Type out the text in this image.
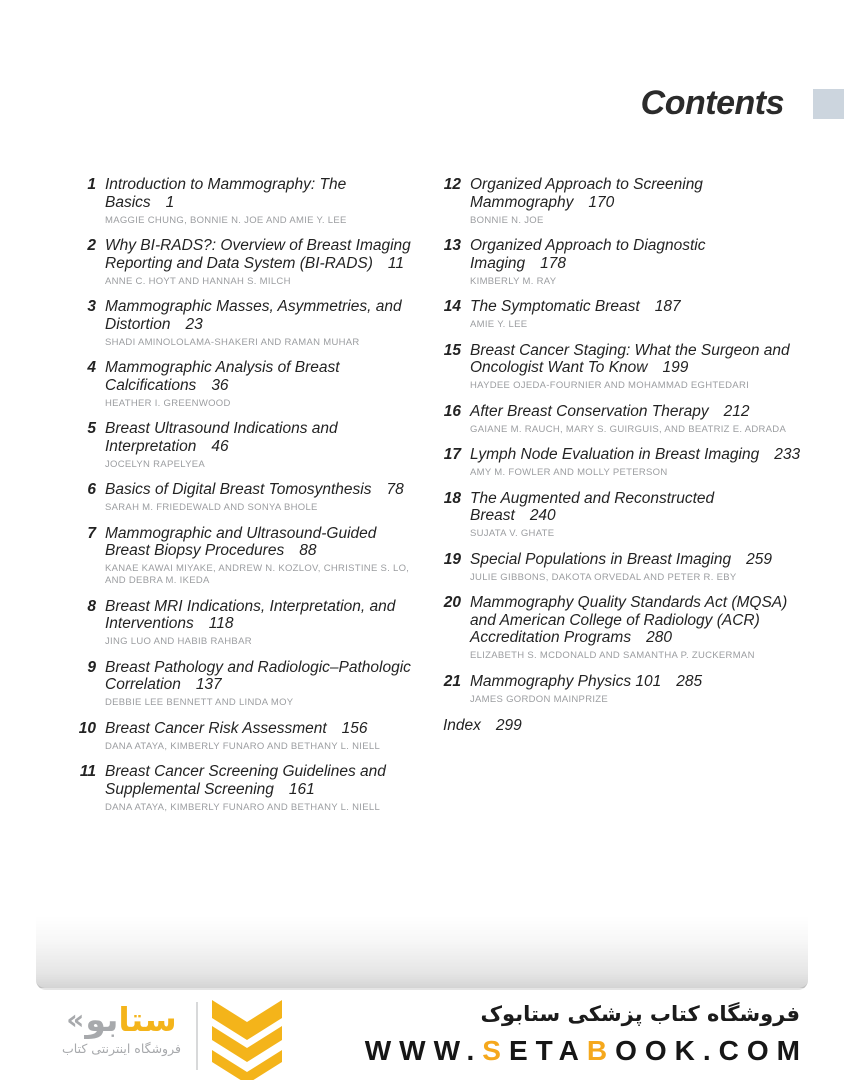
Contents
1 Introduction to Mammography: The Basics 1
MAGGIE CHUNG, BONNIE N. JOE AND AMIE Y. LEE
2 Why BI-RADS?: Overview of Breast Imaging Reporting and Data System (BI-RADS) 11
ANNE C. HOYT AND HANNAH S. MILCH
3 Mammographic Masses, Asymmetries, and Distortion 23
SHADI AMINOLOLAMA-SHAKERI AND RAMAN MUHAR
4 Mammographic Analysis of Breast Calcifications 36
HEATHER I. GREENWOOD
5 Breast Ultrasound Indications and Interpretation 46
JOCELYN RAPELYEA
6 Basics of Digital Breast Tomosynthesis 78
SARAH M. FRIEDEWALD AND SONYA BHOLE
7 Mammographic and Ultrasound-Guided Breast Biopsy Procedures 88
KANAE KAWAI MIYAKE, ANDREW N. KOZLOV, CHRISTINE S. LO, AND DEBRA M. IKEDA
8 Breast MRI Indications, Interpretation, and Interventions 118
JING LUO AND HABIB RAHBAR
9 Breast Pathology and Radiologic–Pathologic Correlation 137
DEBBIE LEE BENNETT AND LINDA MOY
10 Breast Cancer Risk Assessment 156
DANA ATAYA, KIMBERLY FUNARO AND BETHANY L. NIELL
11 Breast Cancer Screening Guidelines and Supplemental Screening 161
DANA ATAYA, KIMBERLY FUNARO AND BETHANY L. NIELL
12 Organized Approach to Screening Mammography 170
BONNIE N. JOE
13 Organized Approach to Diagnostic Imaging 178
KIMBERLY M. RAY
14 The Symptomatic Breast 187
AMIE Y. LEE
15 Breast Cancer Staging: What the Surgeon and Oncologist Want To Know 199
HAYDEE OJEDA-FOURNIER AND MOHAMMAD EGHTEDARI
16 After Breast Conservation Therapy 212
GAIANE M. RAUCH, MARY S. GUIRGUIS, AND BEATRIZ E. ADRADA
17 Lymph Node Evaluation in Breast Imaging 233
AMY M. FOWLER AND MOLLY PETERSON
18 The Augmented and Reconstructed Breast 240
SUJATA V. GHATE
19 Special Populations in Breast Imaging 259
JULIE GIBBONS, DAKOTA ORVEDAL AND PETER R. EBY
20 Mammography Quality Standards Act (MQSA) and American College of Radiology (ACR) Accreditation Programs 280
ELIZABETH S. MCDONALD AND SAMANTHA P. ZUCKERMAN
21 Mammography Physics 101 285
JAMES GORDON MAINPRIZE
Index 299
« بو ستا
فروشگاه اینترنتی کتاب
فروشگاه کتاب پزشکی ستابوک
WWW.SETABOOK.COM
